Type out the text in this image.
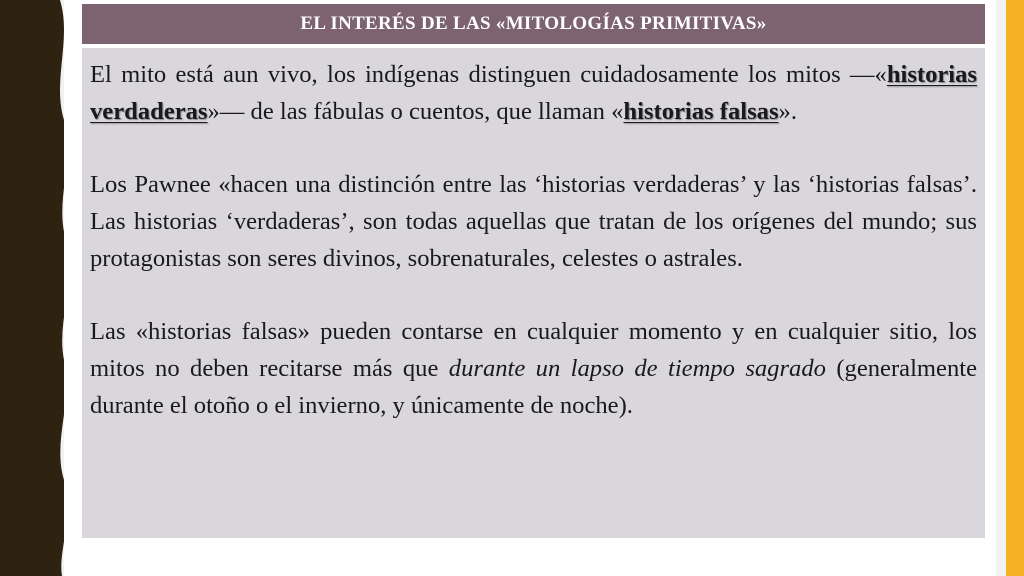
EL INTERÉS DE LAS «MITOLOGÍAS PRIMITIVAS»

El mito está aun vivo, los indígenas distinguen cuidadosamente los mitos —«historias verdaderas»— de las fábulas o cuentos, que llaman «historias falsas».

Los Pawnee «hacen una distinción entre las ‘historias verdaderas’ y las ‘historias falsas’. Las historias ‘verdaderas’, son todas aquellas que tratan de los orígenes del mundo; sus protagonistas son seres divinos, sobrenaturales, celestes o astrales.

Las «historias falsas» pueden contarse en cualquier momento y en cualquier sitio, los mitos no deben recitarse más que durante un lapso de tiempo sagrado (generalmente durante el otoño o el invierno, y únicamente de noche).
